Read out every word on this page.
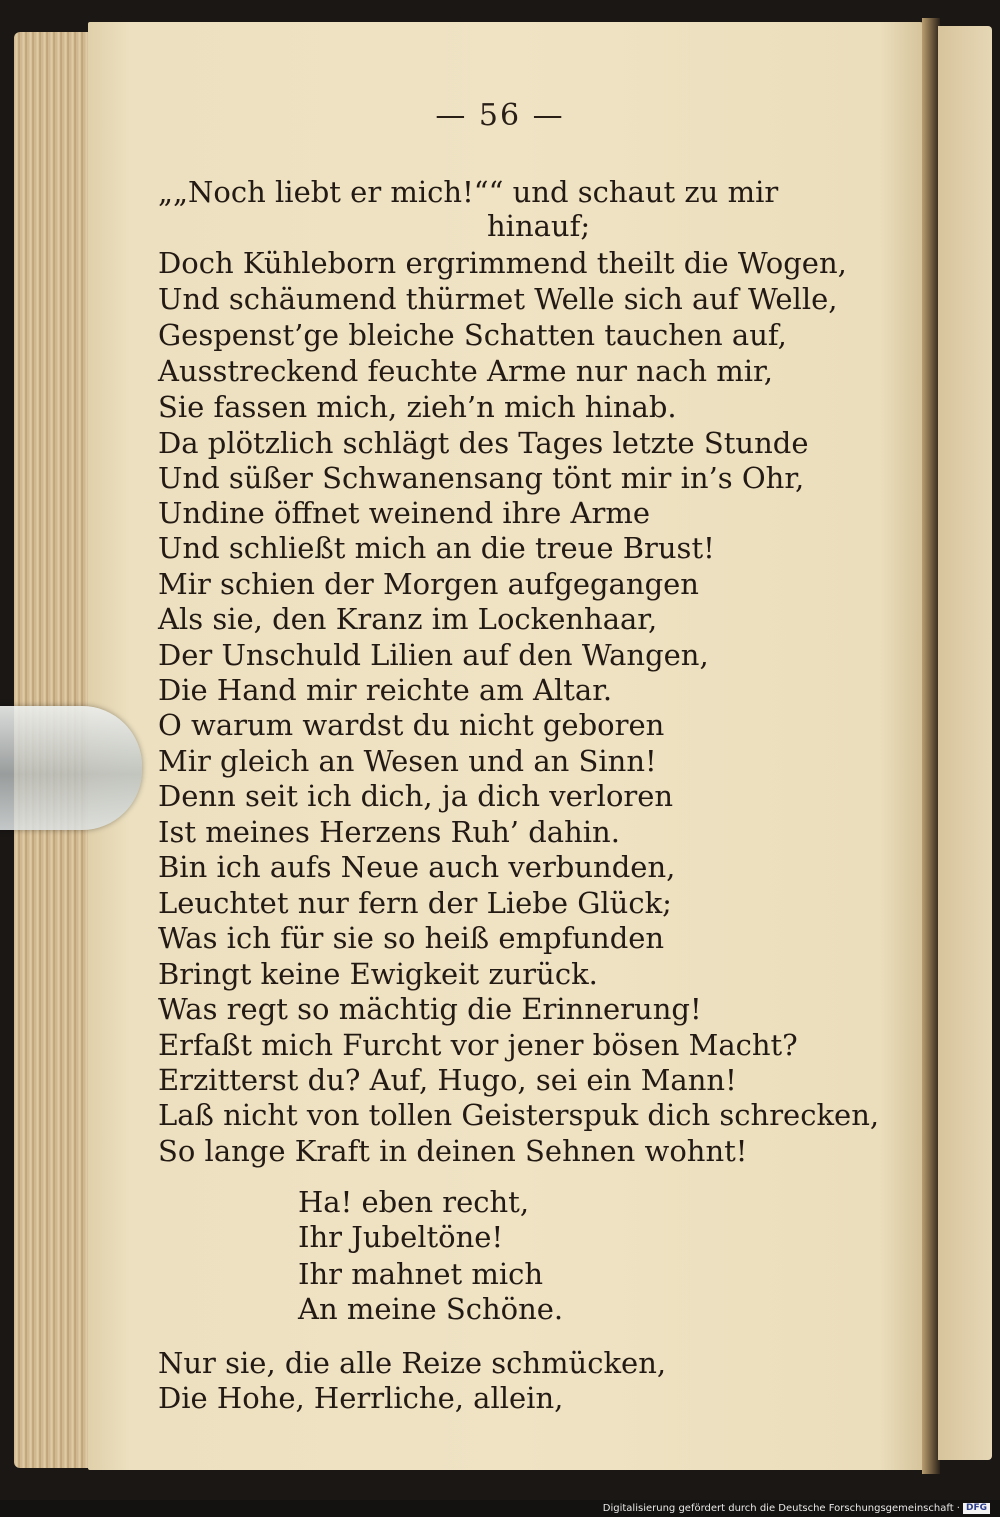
— 56 —
„„Noch liebt er mich!““ und schaut zu mir
hinauf;
Doch Kühleborn ergrimmend theilt die Wogen,
Und schäumend thürmet Welle sich auf Welle,
Gespenst’ge bleiche Schatten tauchen auf,
Ausstreckend feuchte Arme nur nach mir,
Sie fassen mich, zieh’n mich hinab.
Da plötzlich schlägt des Tages letzte Stunde
Und süßer Schwanensang tönt mir in’s Ohr,
Undine öffnet weinend ihre Arme
Und schließt mich an die treue Brust!
Mir schien der Morgen aufgegangen
Als sie, den Kranz im Lockenhaar,
Der Unschuld Lilien auf den Wangen,
Die Hand mir reichte am Altar.
O warum wardst du nicht geboren
Mir gleich an Wesen und an Sinn!
Denn seit ich dich, ja dich verloren
Ist meines Herzens Ruh’ dahin.
Bin ich aufs Neue auch verbunden,
Leuchtet nur fern der Liebe Glück;
Was ich für sie so heiß empfunden
Bringt keine Ewigkeit zurück.
Was regt so mächtig die Erinnerung!
Erfaßt mich Furcht vor jener bösen Macht?
Erzitterst du? Auf, Hugo, sei ein Mann!
Laß nicht von tollen Geisterspuk dich schrecken,
So lange Kraft in deinen Sehnen wohnt!
Ha! eben recht,
Ihr Jubeltöne!
Ihr mahnet mich
An meine Schöne.
Nur sie, die alle Reize schmücken,
Die Hohe, Herrliche, allein,
Digitalisierung gefördert durch die Deutsche Forschungsgemeinschaft · DFG
